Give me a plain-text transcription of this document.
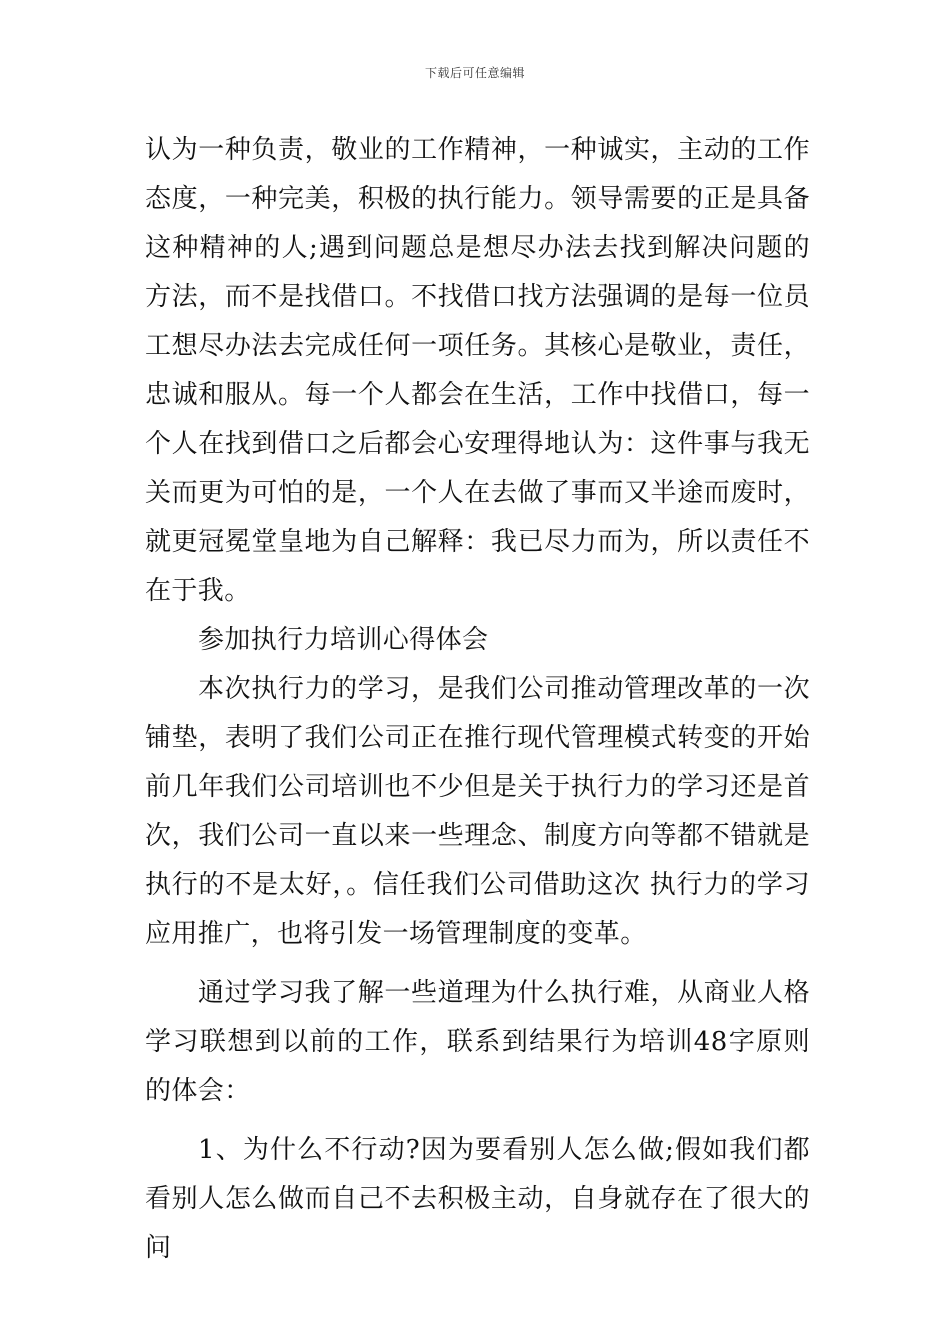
下载后可任意编辑

认为一种负责，敬业的工作精神，一种诚实，主动的工作态度，一种完美，积极的执行能力。领导需要的正是具备这种精神的人;遇到问题总是想尽办法去找到解决问题的方法，而不是找借口。不找借口找方法强调的是每一位员工想尽办法去完成任何一项任务。其核心是敬业，责任，忠诚和服从。每一个人都会在生活，工作中找借口，每一个人在找到借口之后都会心安理得地认为：这件事与我无关而更为可怕的是，一个人在去做了事而又半途而废时，就更冠冕堂皇地为自己解释：我已尽力而为，所以责任不在于我。

参加执行力培训心得体会

本次执行力的学习，是我们公司推动管理改革的一次铺垫，表明了我们公司正在推行现代管理模式转变的开始前几年我们公司培训也不少但是关于执行力的学习还是首次，我们公司一直以来一些理念、制度方向等都不错就是执行的不是太好，。信任我们公司借助这次 执行力的学习应用推广，也将引发一场管理制度的变革。

通过学习我了解一些道理为什么执行难，从商业人格学习联想到以前的工作，联系到结果行为培训48字原则的体会：

1、为什么不行动?因为要看别人怎么做;假如我们都看别人怎么做而自己不去积极主动，自身就存在了很大的问
